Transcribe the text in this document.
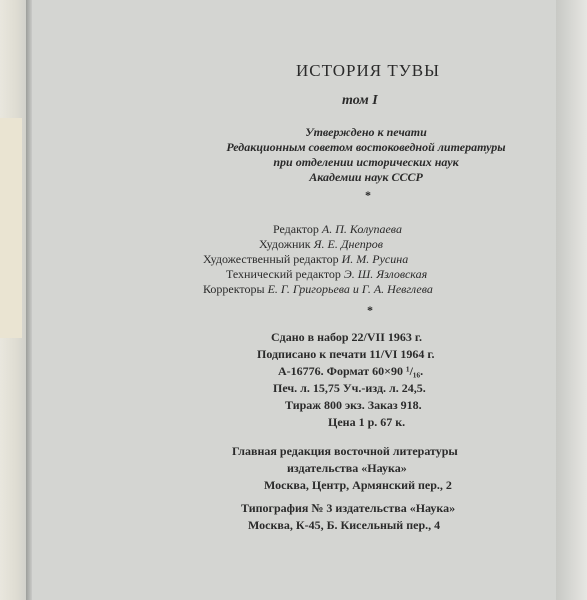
ИСТОРИЯ ТУВЫ
том I
Утверждено к печати
Редакционным советом востоковедной литературы
при отделении исторических наук
Академии наук СССР
*
Редактор А. П. Колупаева
Художник Я. Е. Днепров
Художественный редактор И. М. Русина
Технический редактор Э. Ш. Язловская
Корректоры Е. Г. Григорьева и Г. А. Невглева
*
Сдано в набор 22/VII 1963 г.
Подписано к печати 11/VI 1964 г.
А-16776. Формат 60×90 ¹/₁₆.
Печ. л. 15,75 Уч.-изд. л. 24,5.
Тираж 800 экз. Заказ 918.
Цена 1 р. 67 к.
Главная редакция восточной литературы
издательства «Наука»
Москва, Центр, Армянский пер., 2
Типография № 3 издательства «Наука»
Москва, К-45, Б. Кисельный пер., 4
